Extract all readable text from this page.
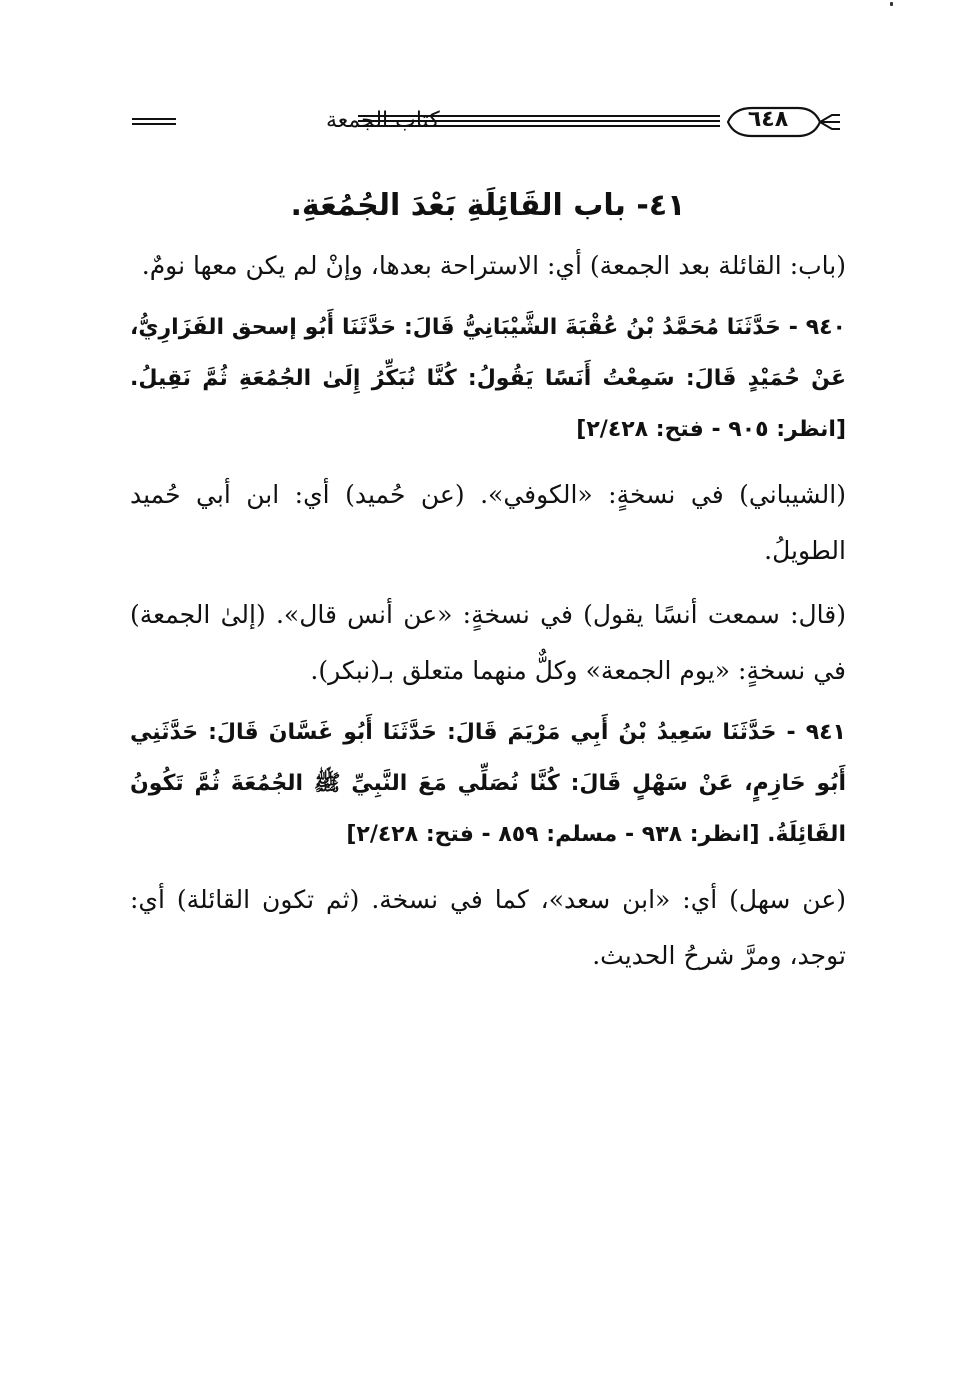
كتاب الجمعة	٦٤٨
٤١- باب القَائِلَةِ بَعْدَ الجُمُعَةِ.

(باب: القائلة بعد الجمعة) أي: الاستراحة بعدها، وإنْ لم يكن معها نومٌ.

٩٤٠ - حَدَّثَنَا مُحَمَّدُ بْنُ عُقْبَةَ الشَّيْبَانِيُّ قَالَ: حَدَّثَنَا أَبُو إسحق الفَزَارِيُّ، عَنْ حُمَيْدٍ قَالَ: سَمِعْتُ أَنَسًا يَقُولُ: كُنَّا نُبَكِّرُ إِلَىٰ الجُمُعَةِ ثُمَّ نَقِيلُ. [انظر: ٩٠٥ - فتح: ٢/٤٢٨]

(الشيباني) في نسخةٍ: «الكوفي». (عن حُميد) أي: ابن أبي حُميد الطويلُ.

(قال: سمعت أنسًا يقول) في نسخةٍ: «عن أنس قال». (إلىٰ الجمعة) في نسخةٍ: «يوم الجمعة» وكلٌّ منهما متعلق بـ(نبكر).

٩٤١ - حَدَّثَنَا سَعِيدُ بْنُ أَبِي مَرْيَمَ قَالَ: حَدَّثَنَا أَبُو غَسَّانَ قَالَ: حَدَّثَنِي أَبُو حَازِمٍ، عَنْ سَهْلٍ قَالَ: كُنَّا نُصَلِّي مَعَ النَّبِيِّ ﷺ الجُمُعَةَ ثُمَّ تَكُونُ القَائِلَةُ. [انظر: ٩٣٨ - مسلم: ٨٥٩ - فتح: ٢/٤٢٨]

(عن سهل) أي: «ابن سعد»، كما في نسخة. (ثم تكون القائلة) أي: توجد، ومرَّ شرحُ الحديث.
